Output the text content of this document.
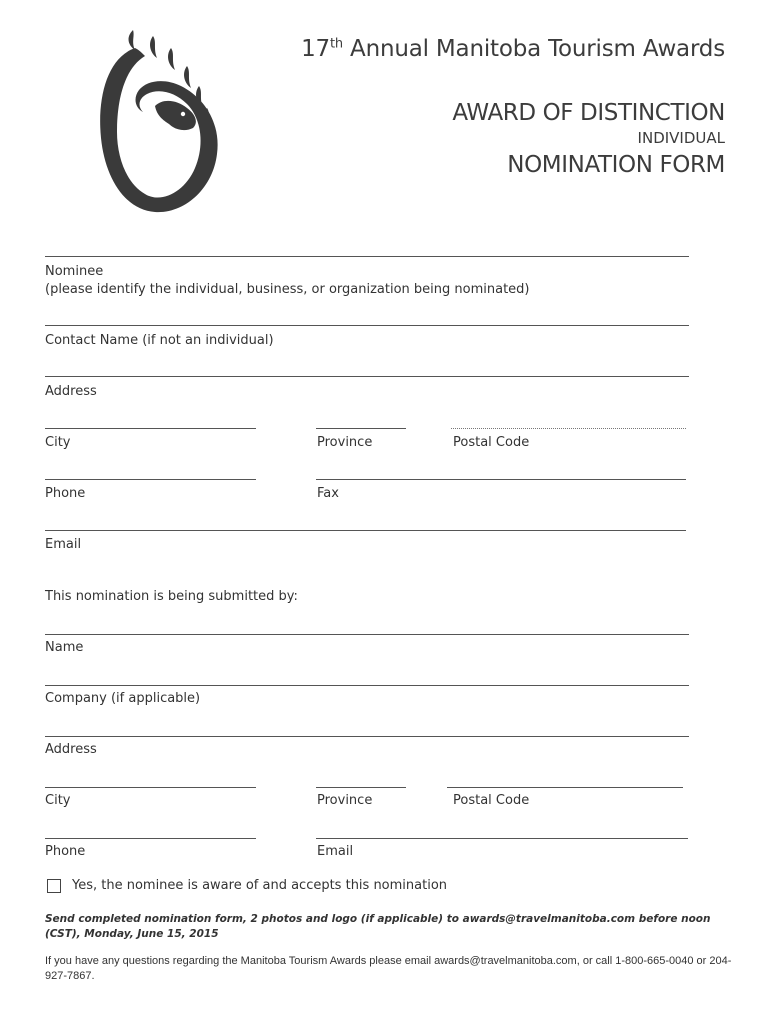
17th Annual Manitoba Tourism Awards
AWARD OF DISTINCTION
INDIVIDUAL
NOMINATION FORM
Nominee
(please identify the individual, business, or organization being nominated)
Contact Name (if not an individual)
Address
City	Province	Postal Code
Phone	Fax
Email
This nomination is being submitted by:
Name
Company (if applicable)
Address
City	Province	Postal Code
Phone	Email
Yes, the nominee is aware of and accepts this nomination
Send completed nomination form, 2 photos and logo (if applicable) to awards@travelmanitoba.com before noon (CST), Monday, June 15, 2015
If you have any questions regarding the Manitoba Tourism Awards please email awards@travelmanitoba.com, or call 1-800-665-0040 or 204-927-7867.
